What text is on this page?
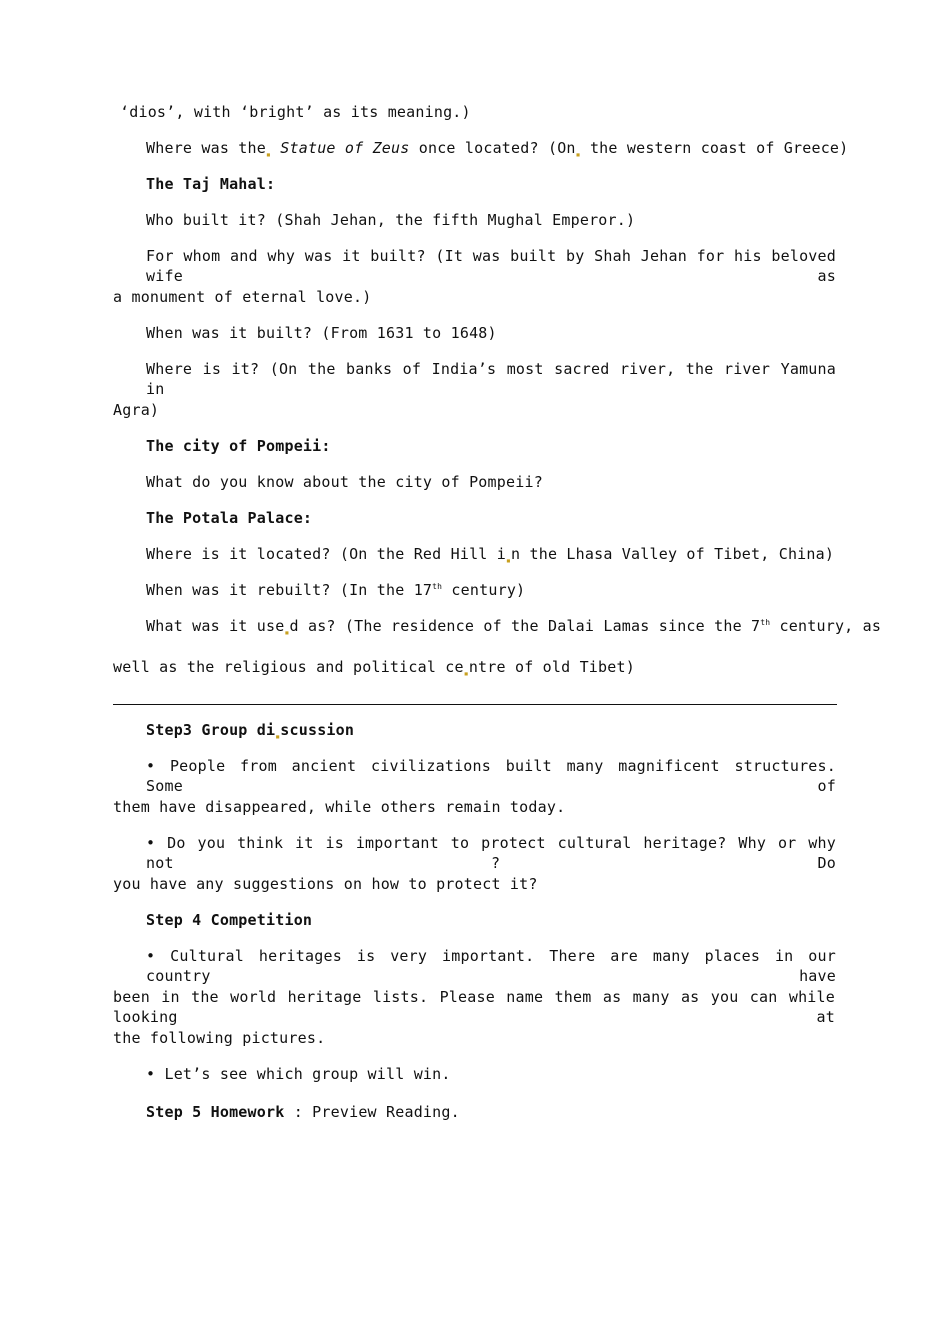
‘dios’, with ‘bright’ as its meaning.)
Where was the$_▪$ Statue of Zeus once located? ($On_▪$ the western coast of Greece)
The Taj Mahal:
Who built it? (Shah Jehan, the fifth Mughal Emperor.)
For whom and why was it built? (It was built by Shah Jehan for his beloved wife as
a monument of eternal love.)
When was it built? (From 1631 to 1648)
Where is it? (On the banks of India’s most sacred river, the river Yamuna in
Agra)
The city of Pompeii:
What do you know about the city of Pompeii?
The Potala Palace:
Where is it located? (On the Red Hill $i_▪n$ the Lhasa Valley of Tibet, China)
When was it rebuilt? (In the 17th century)
What was it use$_▪$d as? (The residence of the Dalai Lamas since the 7th century, as
well as the religious and political $ce_▪ntre$ of old Tibet)
Step3 Group $di_▪scussion$
• People from ancient civilizations built many magnificent structures. Some of
them have disappeared, while others remain today.
• Do you think it is important to protect cultural heritage? Why or why not ? Do
you have any suggestions on how to protect it?
Step 4 Competition
• Cultural heritages is very important. There are many places in our country have
been in the world heritage lists. Please name them as many as you can while looking at
the following pictures.
• Let’s see which group will win.
Step 5 Homework : Preview Reading.
